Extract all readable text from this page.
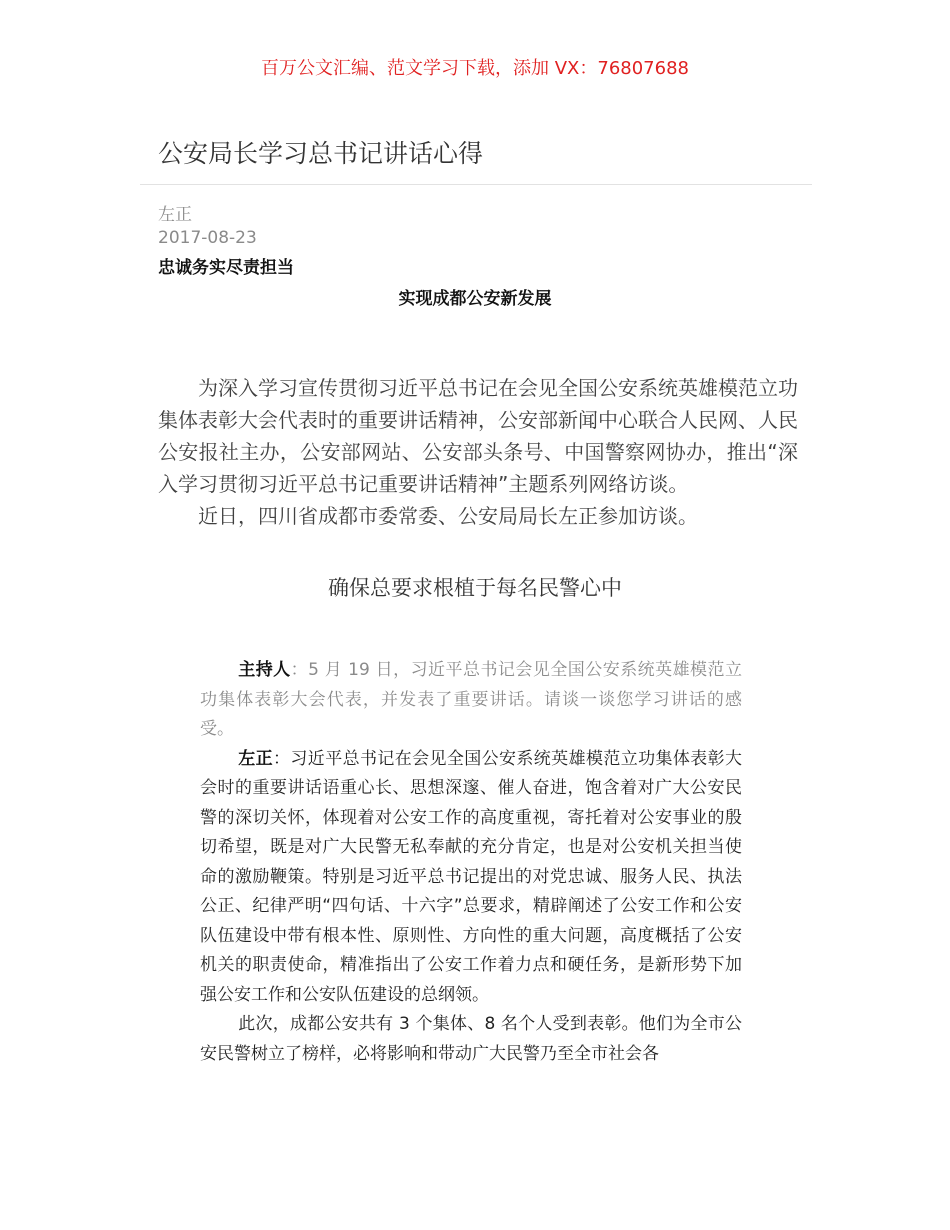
百万公文汇编、范文学习下载，添加 VX：76807688
公安局长学习总书记讲话心得
左正
2017-08-23
忠诚务实尽责担当
实现成都公安新发展

为深入学习宣传贯彻习近平总书记在会见全国公安系统英雄模范立功集体表彰大会代表时的重要讲话精神，公安部新闻中心联合人民网、人民公安报社主办，公安部网站、公安部头条号、中国警察网协办，推出“深入学习贯彻习近平总书记重要讲话精神”主题系列网络访谈。

近日，四川省成都市委常委、公安局局长左正参加访谈。

确保总要求根植于每名民警心中

主持人：5 月 19 日，习近平总书记会见全国公安系统英雄模范立功集体表彰大会代表，并发表了重要讲话。请谈一谈您学习讲话的感受。

左正：习近平总书记在会见全国公安系统英雄模范立功集体表彰大会时的重要讲话语重心长、思想深邃、催人奋进，饱含着对广大公安民警的深切关怀，体现着对公安工作的高度重视，寄托着对公安事业的殷切希望，既是对广大民警无私奉献的充分肯定，也是对公安机关担当使命的激励鞭策。特别是习近平总书记提出的对党忠诚、服务人民、执法公正、纪律严明“四句话、十六字”总要求，精辟阐述了公安工作和公安队伍建设中带有根本性、原则性、方向性的重大问题，高度概括了公安机关的职责使命，精准指出了公安工作着力点和硬任务，是新形势下加强公安工作和公安队伍建设的总纲领。

此次，成都公安共有 3 个集体、8 名个人受到表彰。他们为全市公安民警树立了榜样，必将影响和带动广大民警乃至全市社会各
